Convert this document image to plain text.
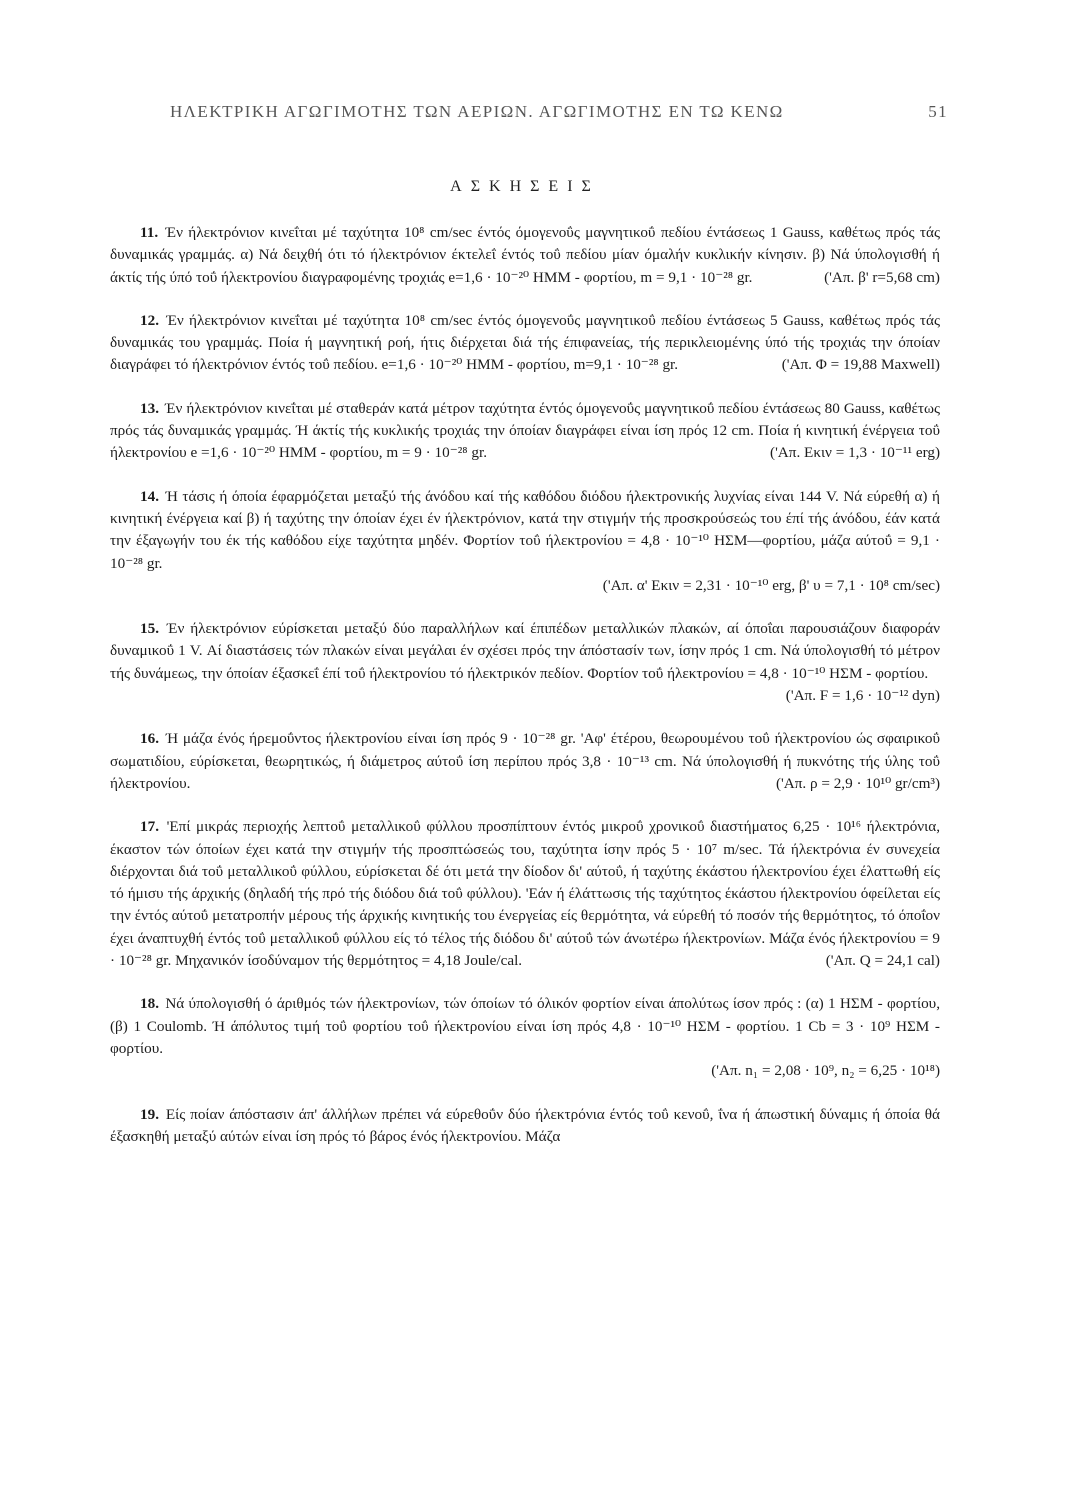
ΗΛΕΚΤΡΙΚΗ ΑΓΩΓΙΜΟΤΗΣ ΤΩΝ ΑΕΡΙΩΝ. ΑΓΩΓΙΜΟΤΗΣ ΕΝ ΤΩ ΚΕΝΩ	51
ΑΣΚΗΣΕΙΣ

11. Έν ήλεκτρόνιον κινεΐται μέ ταχύτητα 10⁸ cm/sec έντός όμογενοΰς μαγνητικοΰ πεδίου έντάσεως 1 Gauss, καθέτως πρός τάς δυναμικάς γραμμάς. α) Νά δειχθή ότι τό ήλεκτρόνιον έκτελεΐ έντός τοΰ πεδίου μίαν όμαλήν κυκλικήν κίνησιν. β) Νά ύπολογισθή ή άκτίς τής ύπό τοΰ ήλεκτρονίου διαγραφομένης τροχιάς e=1,6 · 10⁻²⁰ ΗΜΜ - φορτίου, m = 9,1 · 10⁻²⁸ gr.	('Απ. β' r=5,68 cm)

12. Έν ήλεκτρόνιον κινεΐται μέ ταχύτητα 10⁸ cm/sec έντός όμογενοΰς μαγνητικοΰ πεδίου έντάσεως 5 Gauss, καθέτως πρός τάς δυναμικάς του γραμμάς. Ποία ή μαγνητική ροή, ήτις διέρχεται διά τής έπιφανείας, τής περικλειομένης ύπό τής τροχιάς την όποίαν διαγράφει τό ήλεκτρόνιον έντός τοΰ πεδίου. e=1,6 · 10⁻²⁰ ΗΜΜ - φορτίου, m=9,1 · 10⁻²⁸ gr.	('Απ. Φ = 19,88 Maxwell)

13. Έν ήλεκτρόνιον κινεΐται μέ σταθεράν κατά μέτρον ταχύτητα έντός όμογενοΰς μαγνητικοΰ πεδίου έντάσεως 80 Gauss, καθέτως πρός τάς δυναμικάς γραμμάς. Ή άκτίς τής κυκλικής τροχιάς την όποίαν διαγράφει είναι ίση πρός 12 cm. Ποία ή κινητική ένέργεια τοΰ ήλεκτρονίου e =1,6 · 10⁻²⁰ ΗΜΜ - φορτίου, m = 9 · 10⁻²⁸ gr.	('Απ. Eκιν = 1,3 · 10⁻¹¹ erg)

14. Ή τάσις ή όποία έφαρμόζεται μεταξύ τής άνόδου καί τής καθόδου διόδου ήλεκτρονικής λυχνίας είναι 144 V. Νά εύρεθή α) ή κινητική ένέργεια καί β) ή ταχύτης την όποίαν έχει έν ήλεκτρόνιον, κατά την στιγμήν τής προσκρούσεώς του έπί τής άνόδου, έάν κατά την έξαγωγήν του έκ τής καθόδου είχε ταχύτητα μηδέν. Φορτίον τοΰ ήλεκτρονίου = 4,8 · 10⁻¹⁰ ΗΣΜ—φορτίου, μάζα αύτοΰ = 9,1 · 10⁻²⁸ gr.

('Απ. α' Eκιν = 2,31 · 10⁻¹⁰ erg, β' υ = 7,1 · 10⁸ cm/sec)

15. Έν ήλεκτρόνιον εύρίσκεται μεταξύ δύο παραλλήλων καί έπιπέδων μεταλλικών πλακών, αί όποΐαι παρουσιάζουν διαφοράν δυναμικοΰ 1 V. Αί διαστάσεις τών πλακών είναι μεγάλαι έν σχέσει πρός την άπόστασίν των, ίσην πρός 1 cm. Νά ύπολογισθή τό μέτρον τής δυνάμεως, την όποίαν έξασκεΐ έπί τοΰ ήλεκτρονίου τό ήλεκτρικόν πεδίον. Φορτίον τοΰ ήλεκτρονίου = 4,8 · 10⁻¹⁰ ΗΣΜ - φορτίου.

('Απ. F = 1,6 · 10⁻¹² dyn)

16. Ή μάζα ένός ήρεμοΰντος ήλεκτρονίου είναι ίση πρός 9 · 10⁻²⁸ gr. 'Αφ' έτέρου, θεωρουμένου τοΰ ήλεκτρονίου ώς σφαιρικοΰ σωματιδίου, εύρίσκεται, θεωρητικώς, ή διάμετρος αύτοΰ ίση περίπου πρός 3,8 · 10⁻¹³ cm. Νά ύπολογισθή ή πυκνότης τής ύλης τοΰ ήλεκτρονίου.	('Απ. ρ = 2,9 · 10¹⁰ gr/cm³)

17. 'Επί μικράς περιοχής λεπτοΰ μεταλλικοΰ φύλλου προσπίπτουν έντός μικροΰ χρονικοΰ διαστήματος 6,25 · 10¹⁶ ήλεκτρόνια, έκαστον τών όποίων έχει κατά την στιγμήν τής προσπτώσεώς του, ταχύτητα ίσην πρός 5 · 10⁷ m/sec. Τά ήλεκτρόνια έν συνεχεία διέρχονται διά τοΰ μεταλλικοΰ φύλλου, εύρίσκεται δέ ότι μετά την δίοδον δι' αύτοΰ, ή ταχύτης έκάστου ήλεκτρονίου έχει έλαττωθή είς τό ήμισυ τής άρχικής (δηλαδή τής πρό τής διόδου διά τοΰ φύλλου). 'Εάν ή έλάττωσις τής ταχύτητος έκάστου ήλεκτρονίου όφείλεται είς την έντός αύτοΰ μετατροπήν μέρους τής άρχικής κινητικής του ένεργείας είς θερμότητα, νά εύρεθή τό ποσόν τής θερμότητος, τό όποΐον έχει άναπτυχθή έντός τοΰ μεταλλικοΰ φύλλου είς τό τέλος τής διόδου δι' αύτοΰ τών άνωτέρω ήλεκτρονίων. Μάζα ένός ήλεκτρονίου = 9 · 10⁻²⁸ gr. Μηχανικόν ίσοδύναμον τής θερμότητος = 4,18 Joule/cal.	('Απ. Q = 24,1 cal)

18. Νά ύπολογισθή ό άριθμός τών ήλεκτρονίων, τών όποίων τό όλικόν φορτίον είναι άπολύτως ίσον πρός : (α) 1 ΗΣΜ - φορτίου, (β) 1 Coulomb. Ή άπόλυτος τιμή τοΰ φορτίου τοΰ ήλεκτρονίου είναι ίση πρός 4,8 · 10⁻¹⁰ ΗΣΜ - φορτίου. 1 Cb = 3 · 10⁹ ΗΣΜ - φορτίου.

('Απ. n₁ = 2,08 · 10⁹, n₂ = 6,25 · 10¹⁸)

19. Είς ποίαν άπόστασιν άπ' άλλήλων πρέπει νά εύρεθοΰν δύο ήλεκτρόνια έντός τοΰ κενοΰ, ΐνα ή άπωστική δύναμις ή όποία θά έξασκηθή μεταξύ αύτών είναι ίση πρός τό βάρος ένός ήλεκτρονίου. Μάζα
